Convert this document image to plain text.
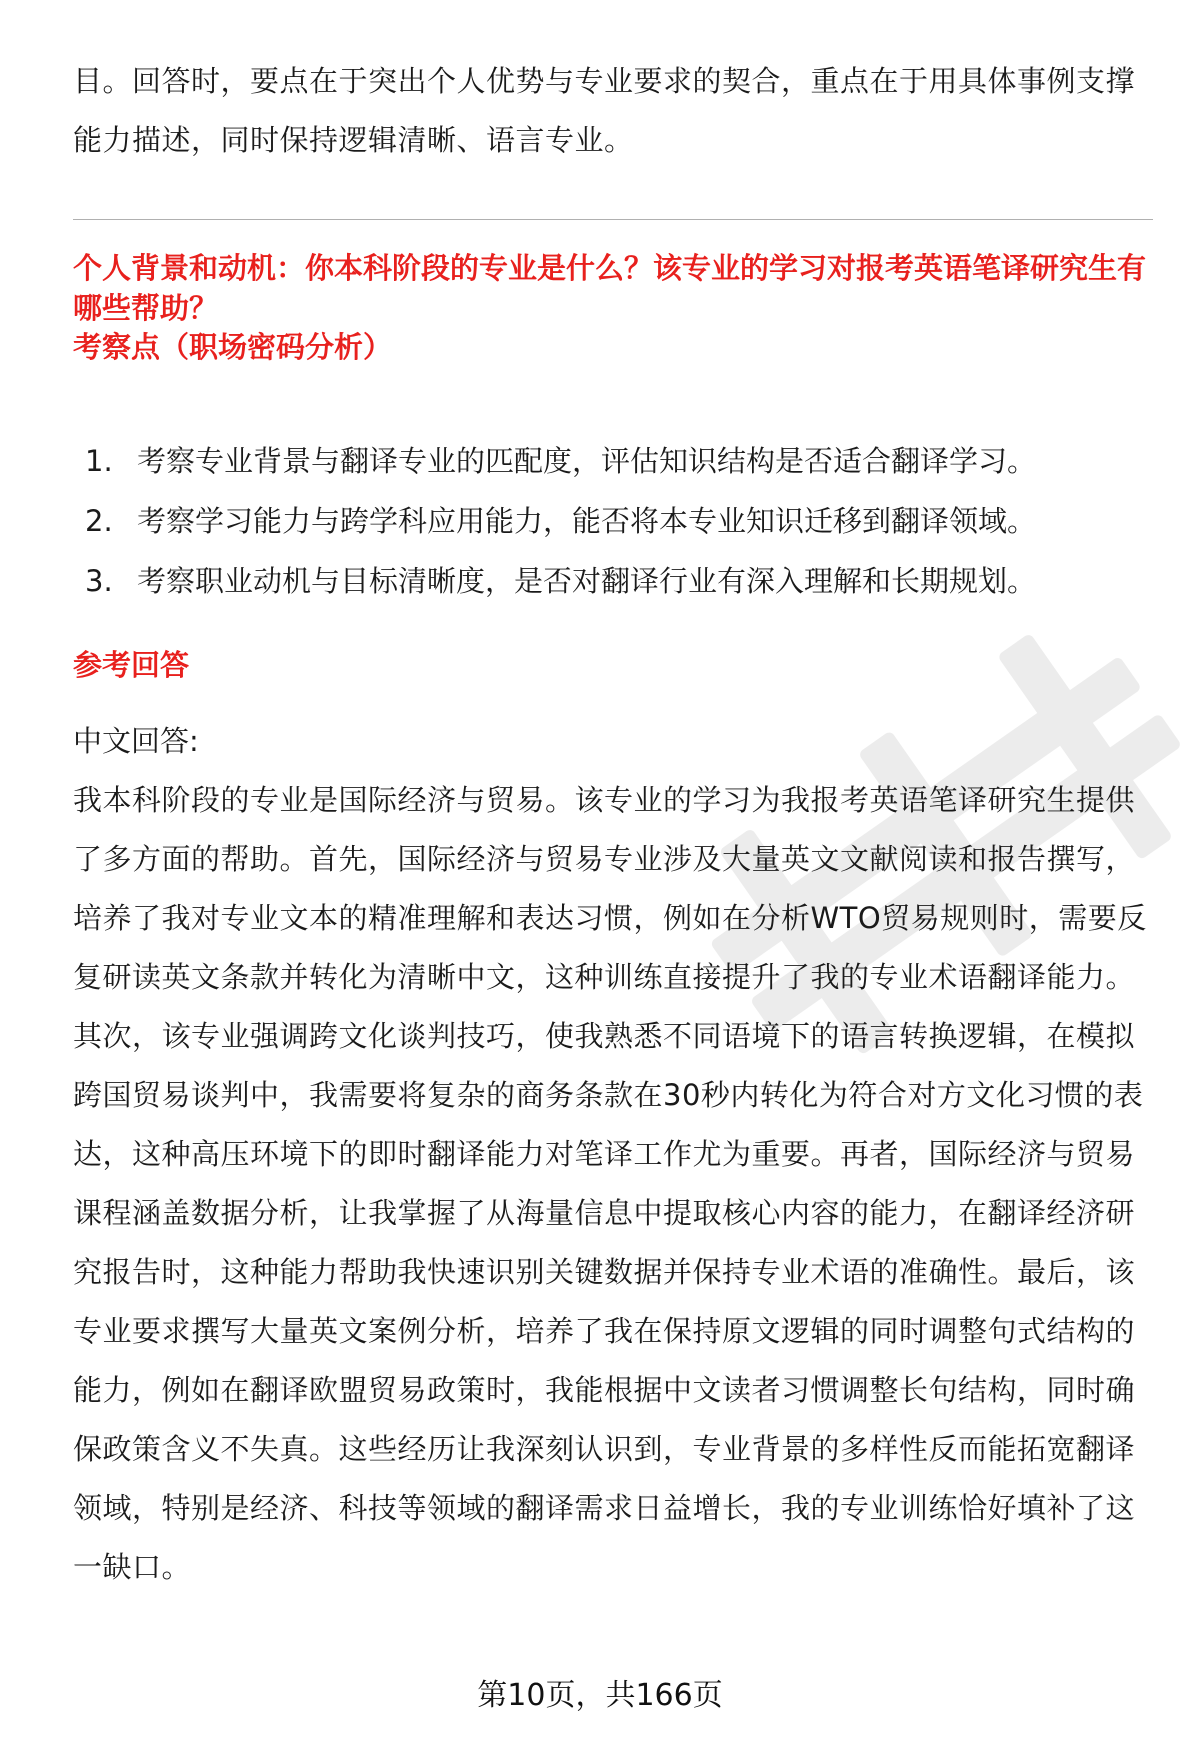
目。回答时，要点在于突出个人优势与专业要求的契合，重点在于用具体事例支撑能力描述，同时保持逻辑清晰、语言专业。

个人背景和动机：你本科阶段的专业是什么？该专业的学习对报考英语笔译研究生有哪些帮助？
考察点（职场密码分析）
1. 考察专业背景与翻译专业的匹配度，评估知识结构是否适合翻译学习。
2. 考察学习能力与跨学科应用能力，能否将本专业知识迁移到翻译领域。
3. 考察职业动机与目标清晰度，是否对翻译行业有深入理解和长期规划。
参考回答

中文回答:

我本科阶段的专业是国际经济与贸易。该专业的学习为我报考英语笔译研究生提供了多方面的帮助。首先，国际经济与贸易专业涉及大量英文文献阅读和报告撰写，培养了我对专业文本的精准理解和表达习惯，例如在分析WTO贸易规则时，需要反复研读英文条款并转化为清晰中文，这种训练直接提升了我的专业术语翻译能力。其次，该专业强调跨文化谈判技巧，使我熟悉不同语境下的语言转换逻辑，在模拟跨国贸易谈判中，我需要将复杂的商务条款在30秒内转化为符合对方文化习惯的表达，这种高压环境下的即时翻译能力对笔译工作尤为重要。再者，国际经济与贸易课程涵盖数据分析，让我掌握了从海量信息中提取核心内容的能力，在翻译经济研究报告时，这种能力帮助我快速识别关键数据并保持专业术语的准确性。最后，该专业要求撰写大量英文案例分析，培养了我在保持原文逻辑的同时调整句式结构的能力，例如在翻译欧盟贸易政策时，我能根据中文读者习惯调整长句结构，同时确保政策含义不失真。这些经历让我深刻认识到，专业背景的多样性反而能拓宽翻译领域，特别是经济、科技等领域的翻译需求日益增长，我的专业训练恰好填补了这一缺口。

第10页，共166页
